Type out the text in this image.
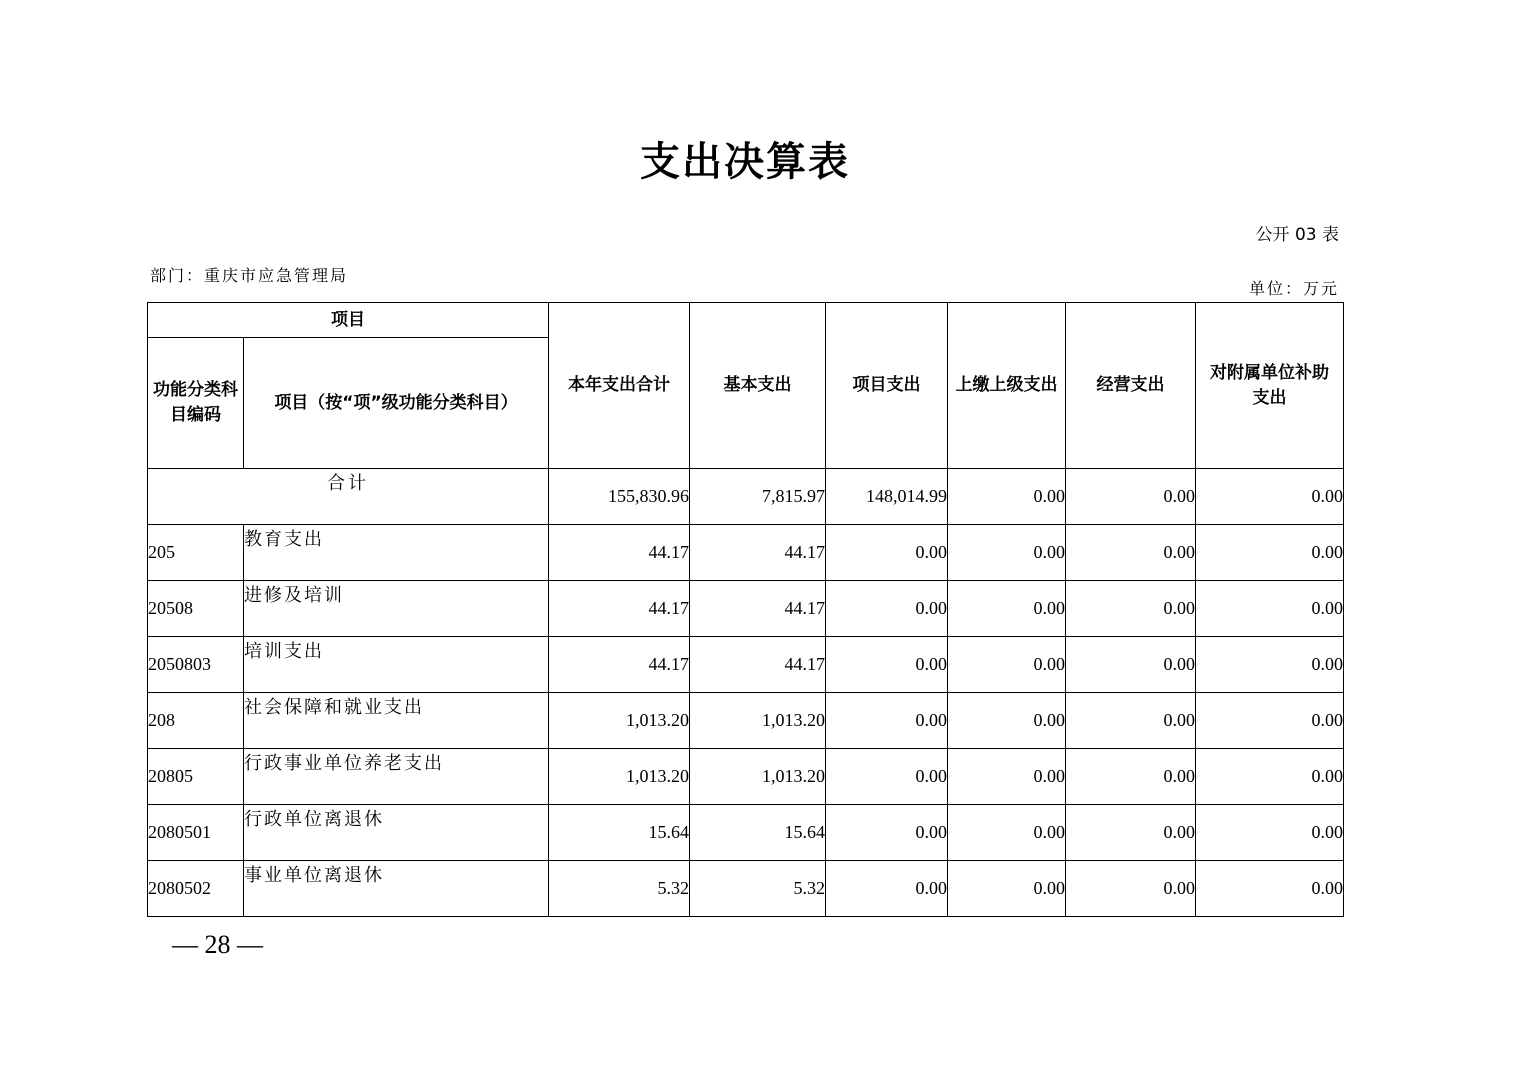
支出决算表
公开 03 表
部门：重庆市应急管理局
单位：万元
项目		本年支出合计	基本支出	项目支出	上缴上级支出	经营支出	对附属单位补助支出
功能分类科目编码	项目（按“项”级功能分类科目）						
合计		155,830.96	7,815.97	148,014.99	0.00	0.00	0.00
205	教育支出	44.17	44.17	0.00	0.00	0.00	0.00
20508	进修及培训	44.17	44.17	0.00	0.00	0.00	0.00
2050803	培训支出	44.17	44.17	0.00	0.00	0.00	0.00
208	社会保障和就业支出	1,013.20	1,013.20	0.00	0.00	0.00	0.00
20805	行政事业单位养老支出	1,013.20	1,013.20	0.00	0.00	0.00	0.00
2080501	行政单位离退休	15.64	15.64	0.00	0.00	0.00	0.00
2080502	事业单位离退休	5.32	5.32	0.00	0.00	0.00	0.00
— 28 —
